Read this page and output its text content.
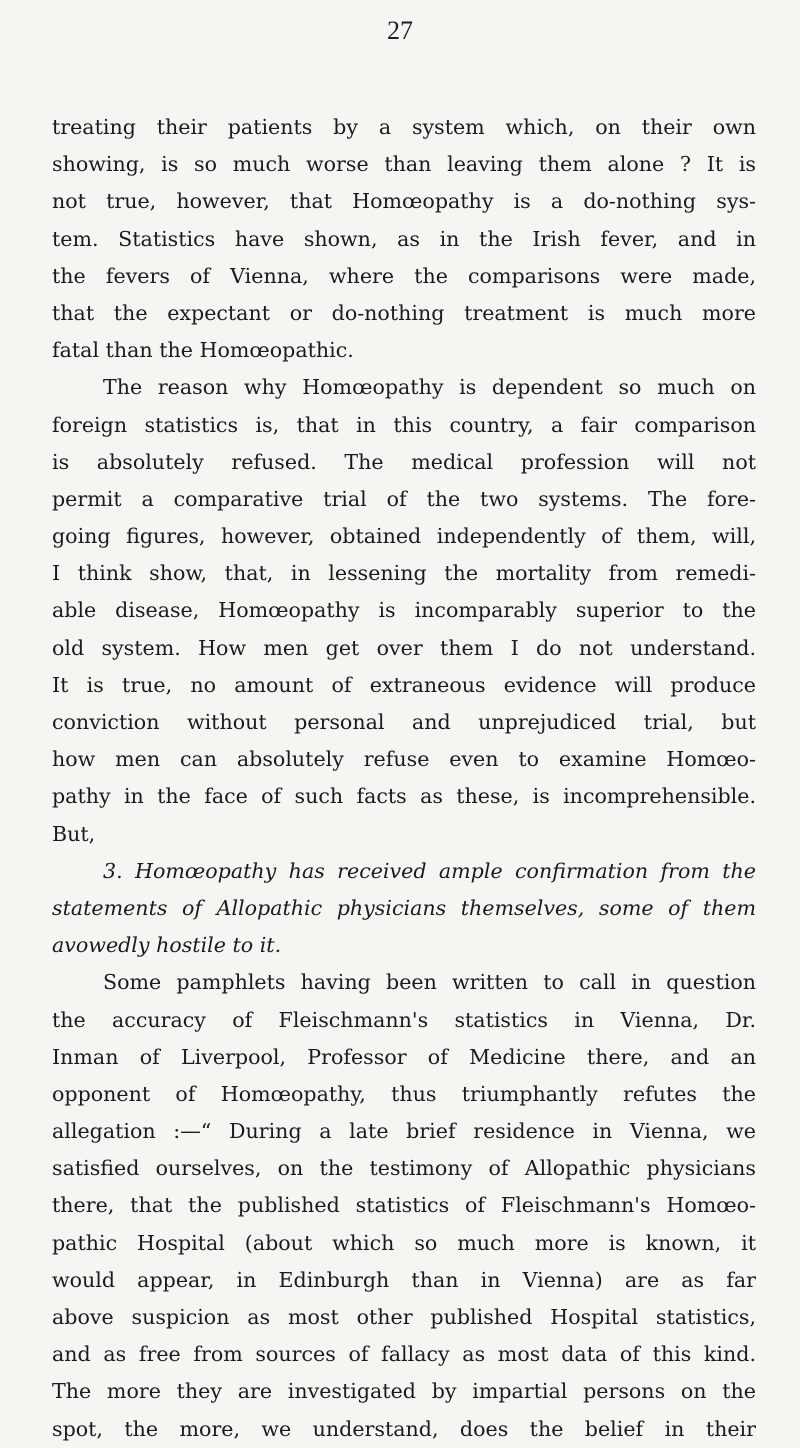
27
treating their patients by a system which, on their own
showing, is so much worse than leaving them alone ? It is
not true, however, that Homœopathy is a do-nothing sys-
tem. Statistics have shown, as in the Irish fever, and in
the fevers of Vienna, where the comparisons were made,
that the expectant or do-nothing treatment is much more
fatal than the Homœopathic.
The reason why Homœopathy is dependent so much on
foreign statistics is, that in this country, a fair comparison
is absolutely refused. The medical profession will not
permit a comparative trial of the two systems. The fore-
going figures, however, obtained independently of them, will,
I think show, that, in lessening the mortality from remedi-
able disease, Homœopathy is incomparably superior to the
old system. How men get over them I do not understand.
It is true, no amount of extraneous evidence will produce
conviction without personal and unprejudiced trial, but
how men can absolutely refuse even to examine Homœo-
pathy in the face of such facts as these, is incomprehensible.
But,
3. Homœopathy has received ample confirmation from the
statements of Allopathic physicians themselves, some of them
avowedly hostile to it.
Some pamphlets having been written to call in question
the accuracy of Fleischmann's statistics in Vienna, Dr.
Inman of Liverpool, Professor of Medicine there, and an
opponent of Homœopathy, thus triumphantly refutes the
allegation :—“ During a late brief residence in Vienna, we
satisfied ourselves, on the testimony of Allopathic physicians
there, that the published statistics of Fleischmann's Homœo-
pathic Hospital (about which so much more is known, it
would appear, in Edinburgh than in Vienna) are as far
above suspicion as most other published Hospital statistics,
and as free from sources of fallacy as most data of this kind.
The more they are investigated by impartial persons on the
spot, the more, we understand, does the belief in their
